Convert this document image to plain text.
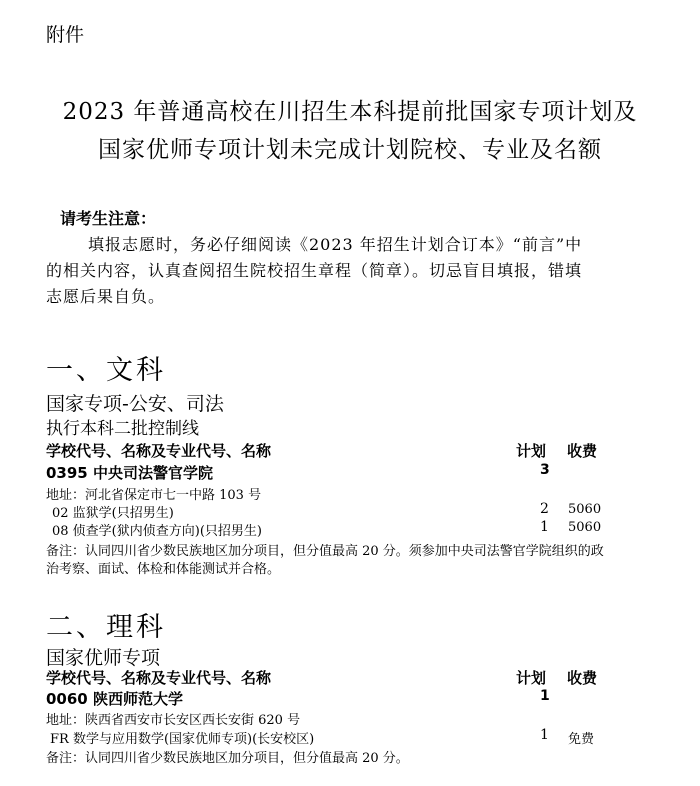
附件
2023 年普通高校在川招生本科提前批国家专项计划及
国家优师专项计划未完成计划院校、专业及名额
请考生注意：
填报志愿时，务必仔细阅读《2023 年招生计划合订本》“前言”中
的相关内容，认真查阅招生院校招生章程（简章）。切忌盲目填报，错填
志愿后果自负。
一、文科
国家专项-公安、司法
执行本科二批控制线
学校代号、名称及专业代号、名称	计划 收费
0395 中央司法警官学院	3
地址：河北省保定市七一中路 103 号
02 监狱学(只招男生)	2 5060
08 侦查学(狱内侦查方向)(只招男生)	1 5060
备注：认同四川省少数民族地区加分项目，但分值最高 20 分。须参加中央司法警官学院组织的政
治考察、面试、体检和体能测试并合格。
二、理科
国家优师专项
学校代号、名称及专业代号、名称	计划 收费
0060 陕西师范大学	1
地址：陕西省西安市长安区西长安街 620 号
FR 数学与应用数学(国家优师专项)(长安校区)	1 免费
备注：认同四川省少数民族地区加分项目，但分值最高 20 分。
